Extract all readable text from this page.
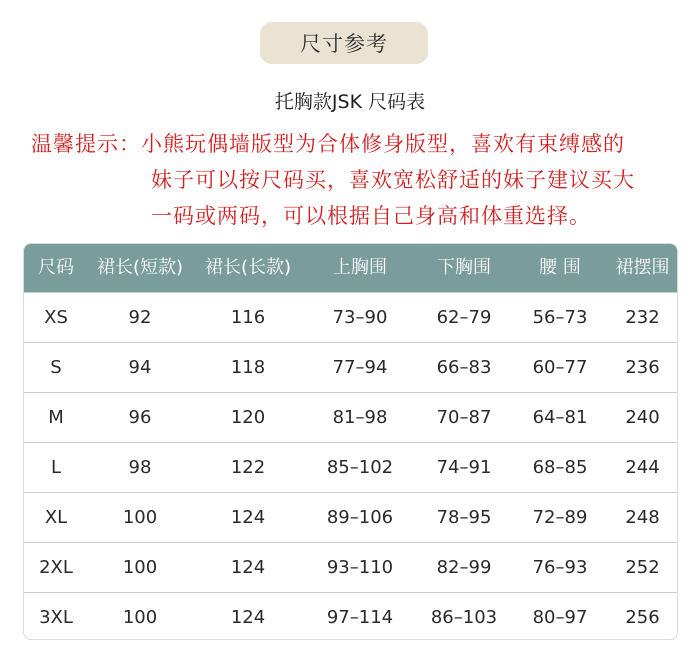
尺寸参考
托胸款JSK 尺码表
温馨提示：小熊玩偶墙版型为合体修身版型，喜欢有束缚感的
妹子可以按尺码买，喜欢宽松舒适的妹子建议买大
一码或两码，可以根据自己身高和体重选择。
尺码	裙长(短款)	裙长(长款)	上胸围	下胸围	腰 围	裙摆围
XS	92	116	73–90	62–79	56–73	232
S	94	118	77–94	66–83	60–77	236
M	96	120	81–98	70–87	64–81	240
L	98	122	85–102	74–91	68–85	244
XL	100	124	89–106	78–95	72–89	248
2XL	100	124	93–110	82–99	76–93	252
3XL	100	124	97–114	86–103	80–97	256
